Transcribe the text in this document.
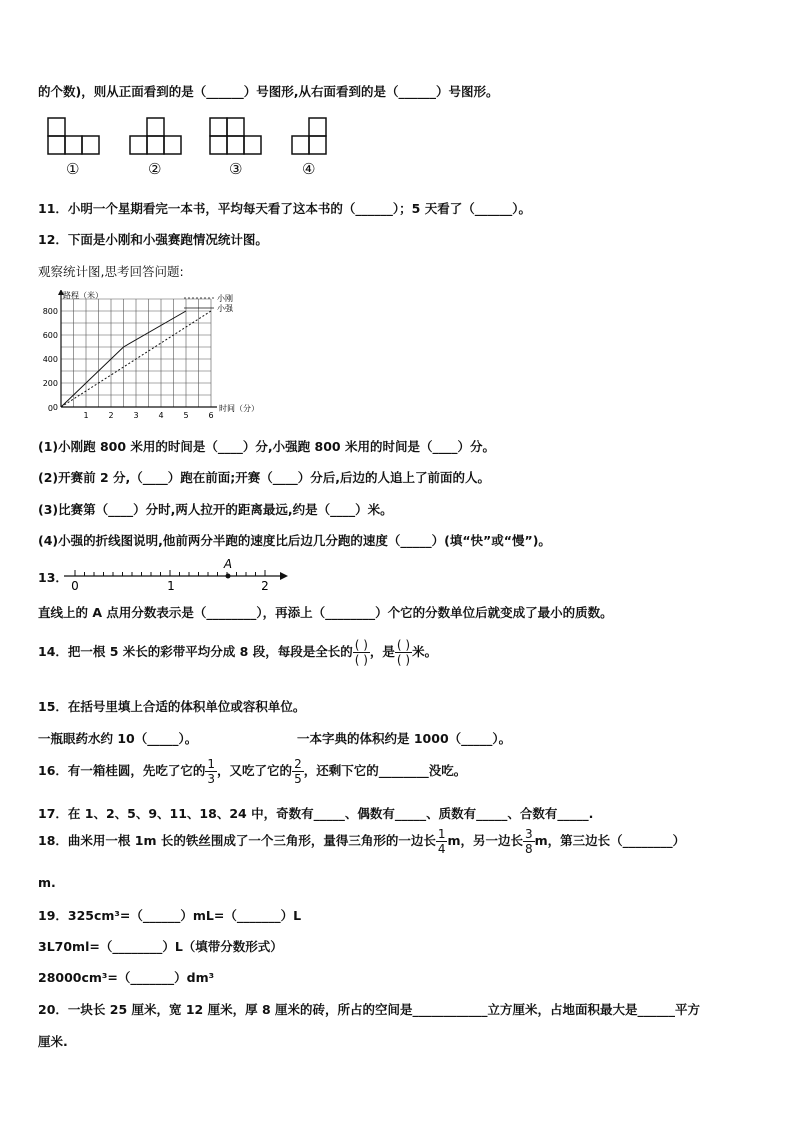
的个数)，则从正面看到的是（______）号图形,从右面看到的是（______）号图形。
①	②	③	④
11．小明一个星期看完一本书，平均每天看了这本书的（______）；5 天看了（______）。
12．下面是小刚和小强赛跑情况统计图。
观察统计图,思考回答问题:
1 2 3 4 5 6
0
200
400
600
800
路程（米）
时间（分）
小刚
小强
0
(1)小刚跑 800 米用的时间是（____）分,小强跑 800 米用的时间是（____）分。
(2)开赛前 2 分,（____）跑在前面;开赛（____）分后,后边的人追上了前面的人。
(3)比赛第（____）分时,两人拉开的距离最远,约是（____）米。
(4)小强的折线图说明,他前两分半跑的速度比后边几分跑的速度（_____）(填“快”或“慢”)。
13．
0	1	2
A
直线上的 A 点用分数表示是（________），再添上（________）个它的分数单位后就变成了最小的质数。
14．把一根 5 米长的彩带平均分成 8 段，每段是全长的 $\frac{( )}{( )}$ ，是 $\frac{( )}{( )}$ 米。
15．在括号里填上合适的体积单位或容积单位。
一瓶眼药水约 10（_____）。	一本字典的体积约是 1000（_____）。
16．有一箱桂圆，先吃了它的 $\frac{1}{3}$ ，又吃了它的 $\frac{2}{5}$ ，还剩下它的________没吃。
17．在 1、2、5、9、11、18、24 中，奇数有_____、偶数有_____、质数有_____、合数有_____.
18．曲米用一根 1m 长的铁丝围成了一个三角形，量得三角形的一边长 $\frac{1}{4}$ m，另一边长 $\frac{3}{8}$ m，第三边长（________）
m.
19．325cm³=（______）mL=（_______）L
3L70ml=（________）L（填带分数形式）
28000cm³=（_______）dm³
20．一块长 25 厘米，宽 12 厘米，厚 8 厘米的砖，所占的空间是____________立方厘米，占地面积最大是______平方
厘米.
